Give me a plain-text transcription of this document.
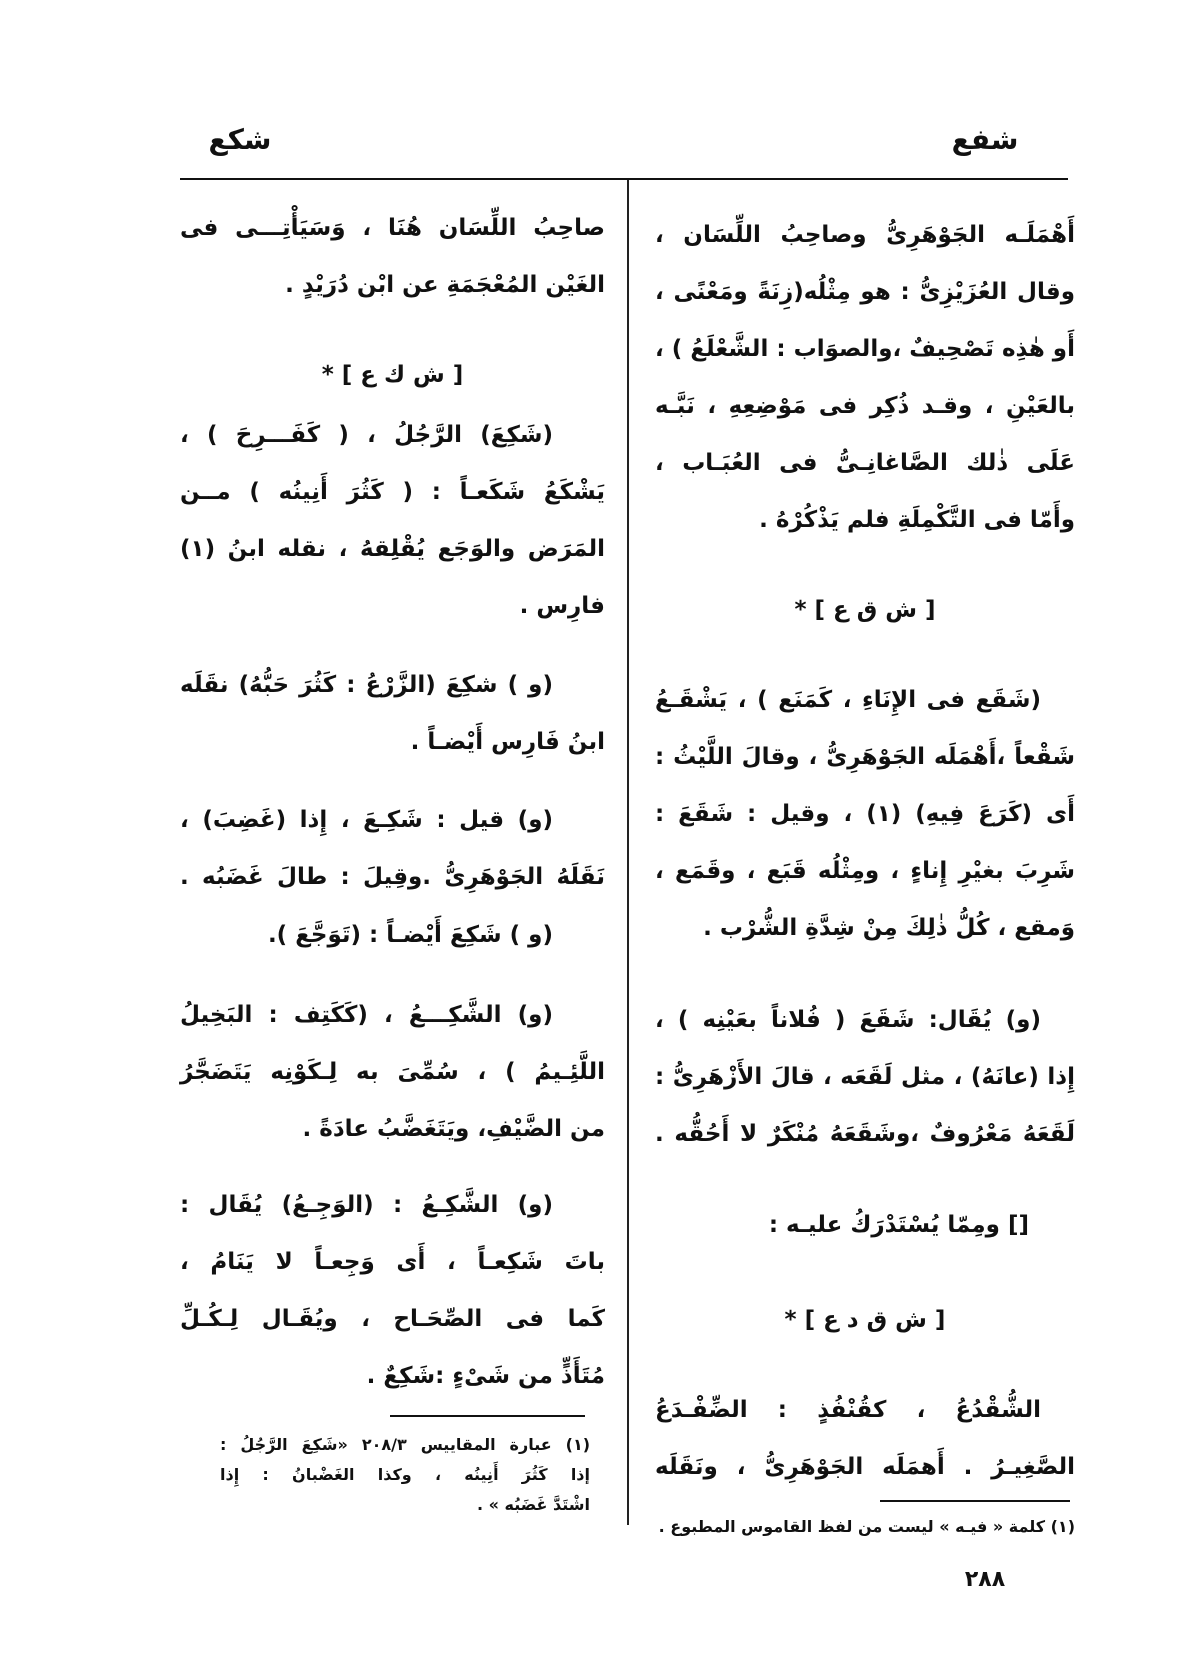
شكع	شفع
أَهْمَلَـه الجَوْهَرِىُّ وصاحِبُ اللِّسَان ،
وقال العُزَيْزِىُّ : هو مِثْلُه(زِنَةً ومَعْنًى ،
أَو هٰذِه تَصْحِيفٌ ،والصوَاب : الشَّعْلَعُ ) ،
بالعَيْنِ ، وقـد ذُكِر فى مَوْضِعِهِ ، نَبَّـه
عَلَى ذٰلك الصَّاغانِـىُّ فى العُبَـاب ،
وأَمّا فى التَّكْمِلَةِ فلم يَذْكُرْهُ .
[ ش ق ع ] *
(شَقَع فى الإِنَاءِ ، كَمَنَع ) ، يَشْقَـعُ
شَقْعاً ،أَهْمَلَه الجَوْهَرِىُّ ، وقالَ اللَّيْثُ :
أَى (كَرَعَ فِيهِ) (١) ، وقيل : شَقَعَ :
شَرِبَ بغيْرِ إِناءٍ ، ومِثْلُه قَبَع ، وقَمَع ،
وَمقع ، كُلُّ ذٰلِكَ مِنْ شِدَّةِ الشُّرْب .
(و) يُقَال: شَقَعَ ( فُلاناً بعَيْنِه ) ،
إِذا (عانَهُ) ، مثل لَقَعَه ، قالَ الأَزْهَرِىُّ :
لَقَعَهُ مَعْرُوفٌ ،وشَقَعَهُ مُنْكَرٌ لا أَحُقُّه .
[] ومِمّا يُسْتَدْرَكُ عليـه :
[ ش ق د ع ] *
الشُّقْدُعُ ، كقُنْفُذٍ : الضِّفْـدَعُ
الصَّغِيـرُ . أَهمَلَه الجَوْهَرِىُّ ، ونَقَلَه
(١) كلمة « فيـه » ليست من لفظ القاموس المطبوع .
صاحِبُ اللِّسَان هُنَا ، وَسَيَأْتِـــى فى
الغَيْن المُعْجَمَةِ عن ابْن دُرَيْدٍ .
[ ش ك ع ] *
(شَكِعَ) الرَّجُلُ ، ( كَفَـــرِحَ ) ،
يَشْكَعُ شَكَعـاً : ( كَثُرَ أَنِينُه ) مــن
المَرَض والوَجَع يُقْلِقهُ ، نقله ابنُ (١)
فارِس .
(و ) شكِعَ (الزَّرْعُ : كَثُرَ حَبُّهُ) نقَلَه
ابنُ فَارِس أَيْضـاً .
(و) قيل : شَكِـعَ ، إِذا (غَضِبَ) ،
نَقَلَهُ الجَوْهَرِىُّ .وقِيلَ : طالَ غَضَبُه .
(و ) شَكِعَ أَيْضـاً : (تَوَجَّعَ ).
(و) الشَّكِـــعُ ، (كَكَتِف : البَخِيلُ
اللَّئِـيمُ ) ، سُمِّىَ به لِـكَوْنِه يَتَضَجَّرُ
من الضَّيْفِ، ويَتَغَضَّبُ عادَةً .
(و) الشَّكِـعُ : (الوَجِـعُ) يُقَال :
باتَ شَكِعـاً ، أَى وَجِعـاً لا يَنَامُ ،
كَما فى الصِّحَـاح ، ويُقَـال لِـكُـلِّ
مُتَأَذٍّ من شَىْءٍ :شَكِعٌ .
(١) عبارة المقاييس ٢٠٨/٣ «شَكِعَ الرَّجُلُ :
إذا كَثُرَ أَنِينُه ، وكذا الغَضْبانُ : إِذا
اشْتَدَّ غَضَبُه » .
٢٨٨
